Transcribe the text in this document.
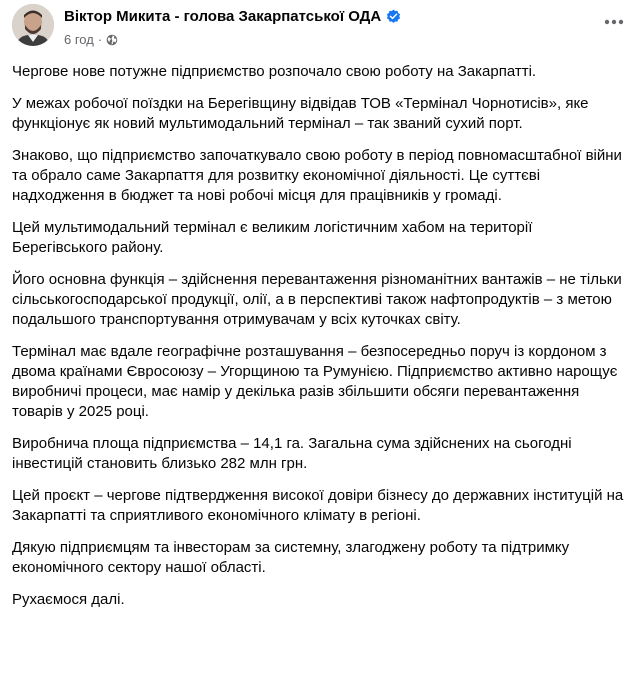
Віктор Микита - голова Закарпатської ОДА
6 год ·

Чергове нове потужне підприємство розпочало свою роботу на Закарпатті.

У межах робочої поїздки на Берегівщину відвідав ТОВ «Термінал Чорнотисів», яке функціонує як новий мультимодальний термінал – так званий сухий порт.

Знаково, що підприємство започаткувало свою роботу в період повномасштабної війни та обрало саме Закарпаття для розвитку економічної діяльності. Це суттєві надходження в бюджет та нові робочі місця для працівників у громаді.

Цей мультимодальний термінал є великим логістичним хабом на території Берегівського району.

Його основна функція – здійснення перевантаження різноманітних вантажів – не тільки сільськогосподарської продукції, олії, а в перспективі також нафтопродуктів – з метою подальшого транспортування отримувачам у всіх куточках світу.

Термінал має вдале географічне розташування – безпосередньо поруч із кордоном з двома країнами Євросоюзу – Угорщиною та Румунією. Підприємство активно нарощує виробничі процеси, має намір у декілька разів збільшити обсяги перевантаження товарів у 2025 році.

Виробнича площа підприємства – 14,1 га. Загальна сума здійснених на сьогодні інвестицій становить близько 282 млн грн.

Цей проєкт – чергове підтвердження високої довіри бізнесу до державних інституцій на Закарпатті та сприятливого економічного клімату в регіоні.

Дякую підприємцям та інвесторам за системну, злагоджену роботу та підтримку економічного сектору нашої області.

Рухаємося далі.
